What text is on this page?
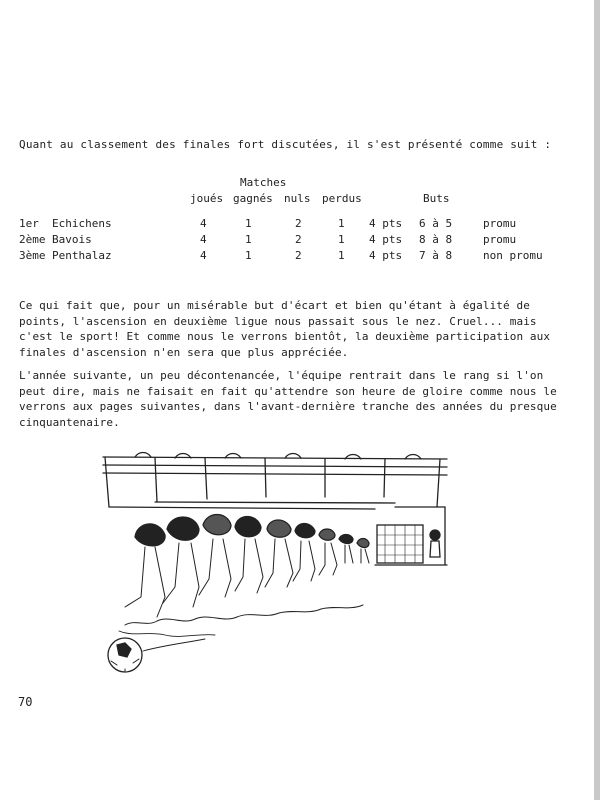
Quant au classement des finales fort discutées, il s'est présenté comme suit :
Matches
joués gagnés nuls perdus	Buts
1er Echichens	4	1	2	1 4 pts 6 à 5	promu
2ème Bavois	4	1	2	1 4 pts 8 à 8	promu
3ème Penthalaz	4	1	2	1 4 pts 7 à 8	non promu
Ce qui fait que, pour un misérable but d'écart et bien qu'étant à égalité de
points, l'ascension en deuxième ligue nous passait sous le nez. Cruel... mais
c'est le sport! Et comme nous le verrons bientôt, la deuxième participation aux
finales d'ascension n'en sera que plus appréciée.
L'année suivante, un peu décontenancée, l'équipe rentrait dans le rang si l'on
peut dire, mais ne faisait en fait qu'attendre son heure de gloire comme nous le
verrons aux pages suivantes, dans l'avant-dernière tranche des années du presque
cinquantenaire.
70
